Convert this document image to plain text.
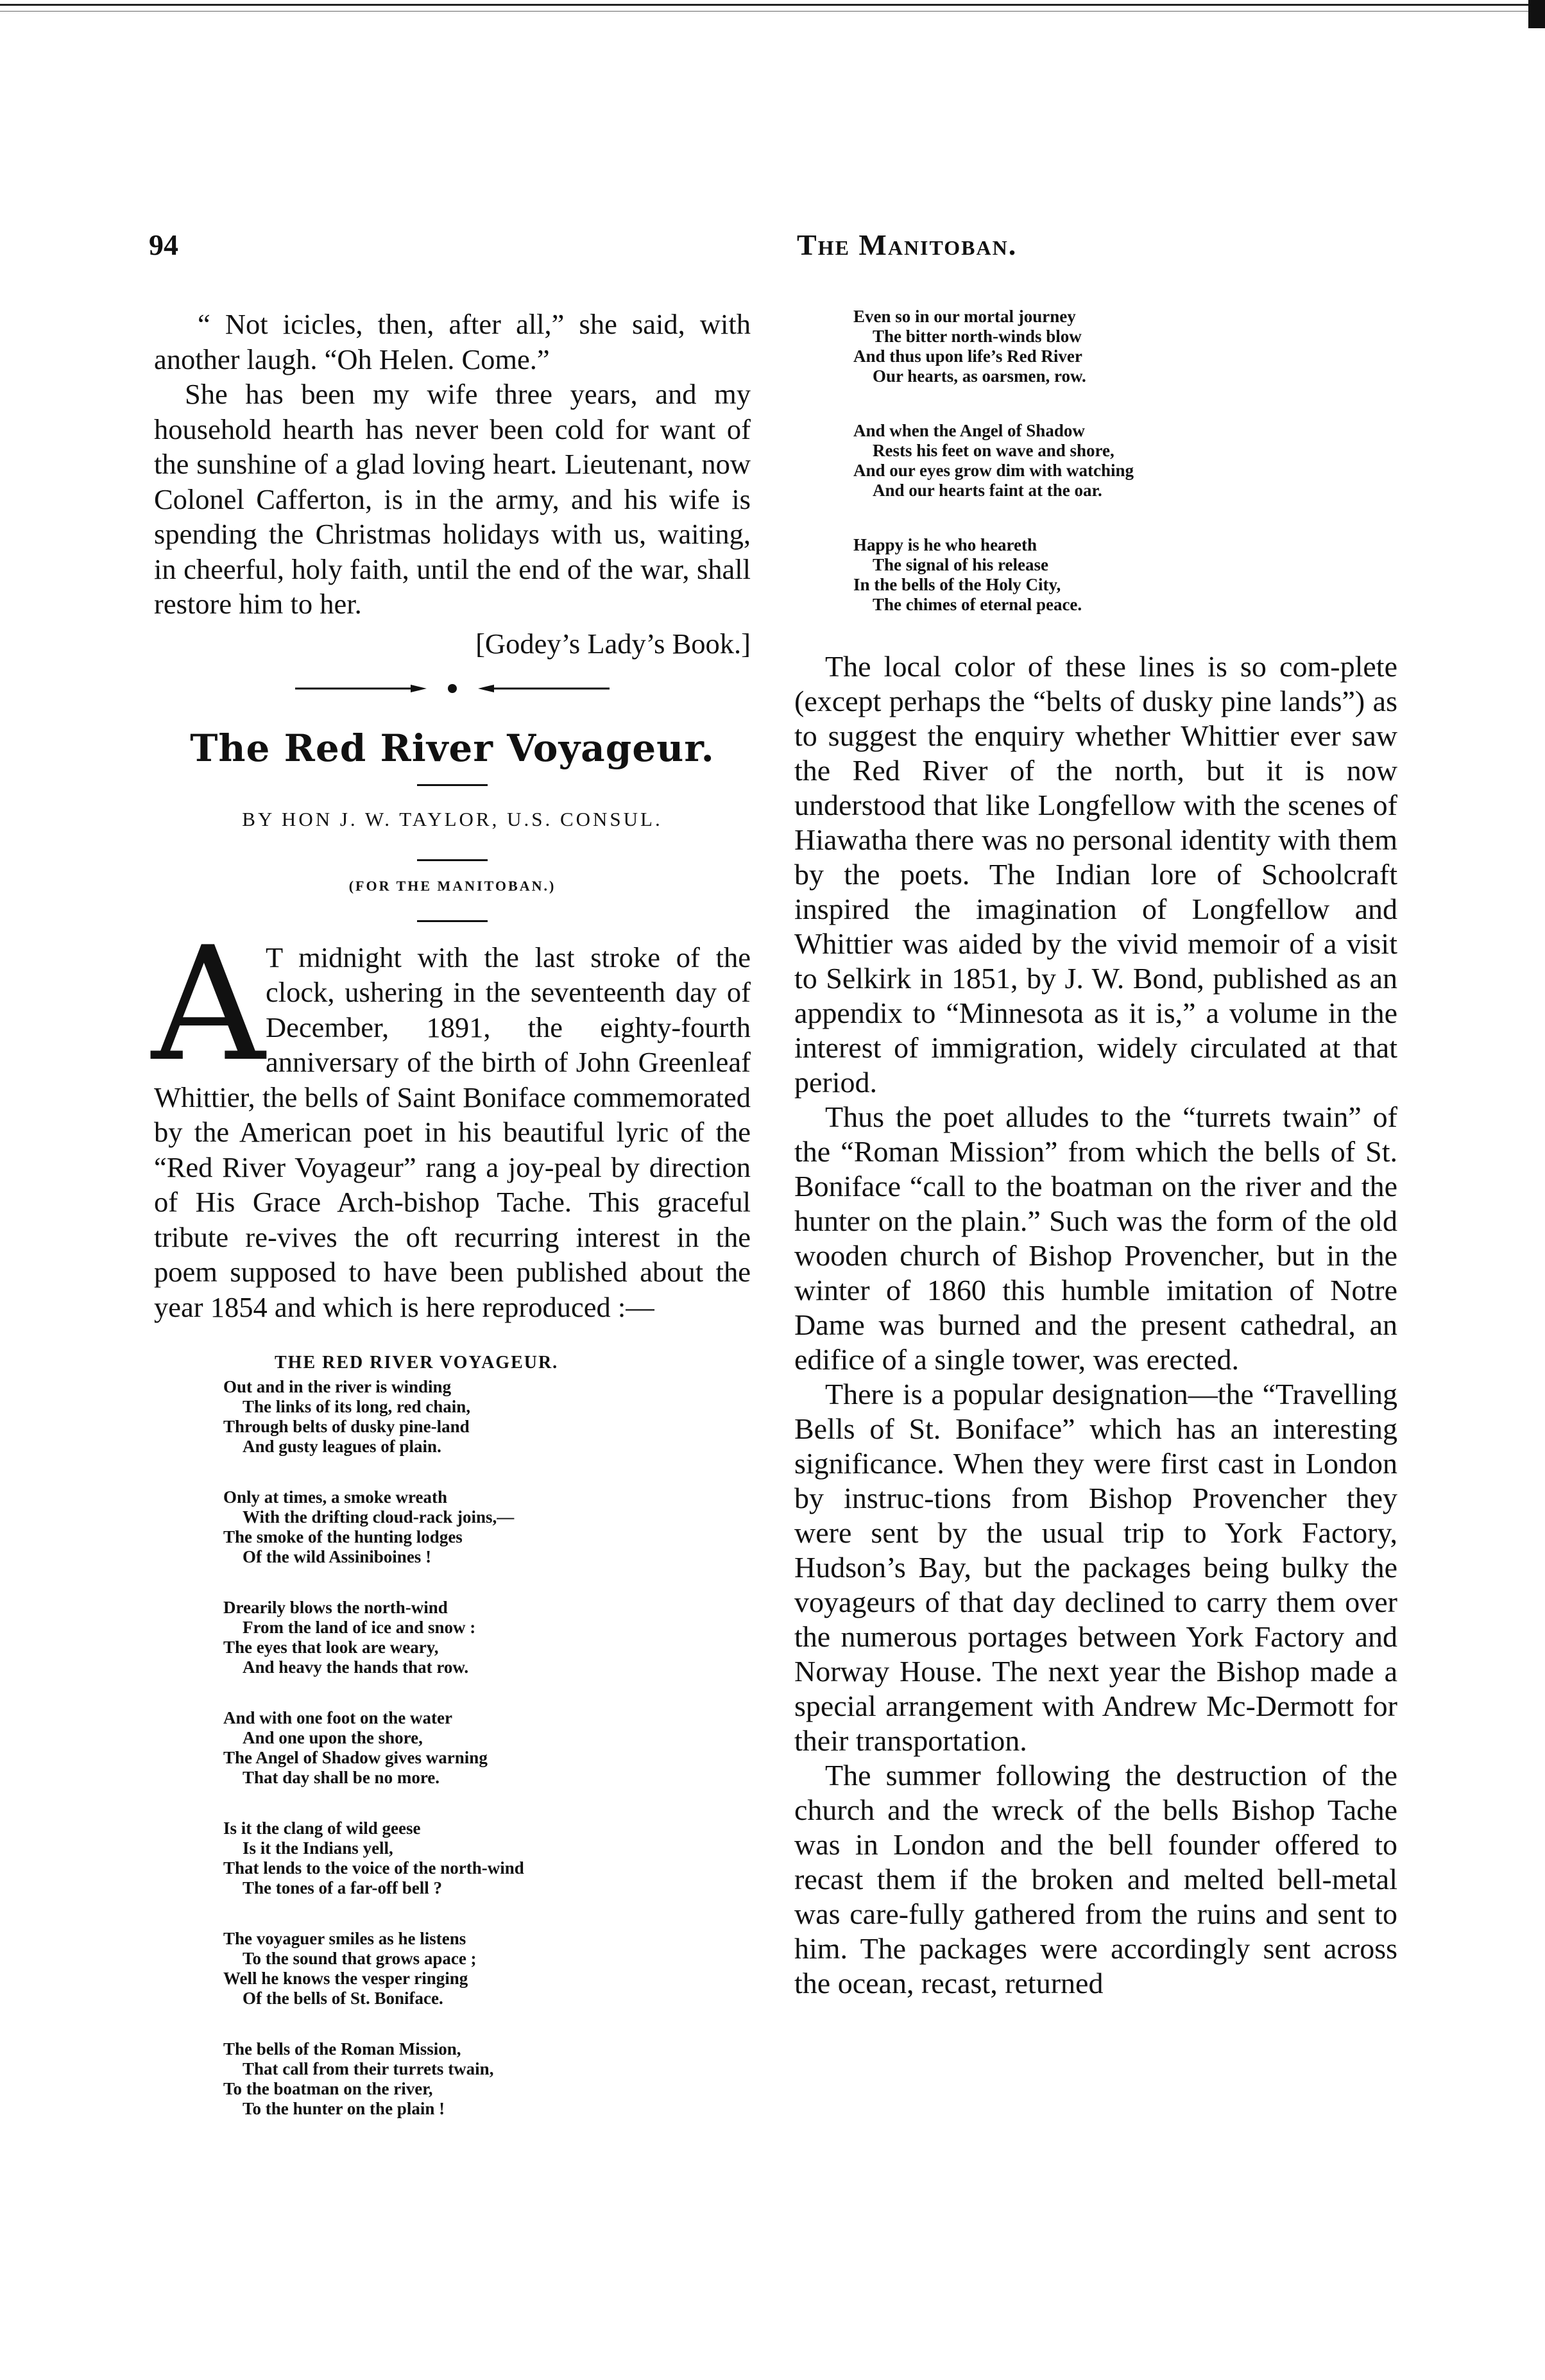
94	The Manitoban.

“ Not icicles, then, after all,” she said, with another laugh. “Oh Helen. Come.”

She has been my wife three years, and my household hearth has never been cold for want of the sunshine of a glad loving heart. Lieutenant, now Colonel Cafferton, is in the army, and his wife is spending the Christmas holidays with us, waiting, in cheerful, holy faith, until the end of the war, shall restore him to her.

[Godey’s Lady’s Book.]

The Red River Voyageur.
BY HON J. W. TAYLOR, U.S. CONSUL.
(FOR THE MANITOBAN.)

A T midnight with the last stroke of the clock, ushering in the seventeenth day of December, 1891, the eighty-fourth anniversary of the birth of John Greenleaf Whittier, the bells of Saint Boniface commemorated by the American poet in his beautiful lyric of the “Red River Voyageur” rang a joy-peal by direction of His Grace Arch-bishop Tache. This graceful tribute re-vives the oft recurring interest in the poem supposed to have been published about the year 1854 and which is here reproduced :—

THE RED RIVER VOYAGEUR.
Out and in the river is winding
The links of its long, red chain,
Through belts of dusky pine-land
And gusty leagues of plain.
Only at times, a smoke wreath
With the drifting cloud-rack joins,—
The smoke of the hunting lodges
Of the wild Assiniboines !
Drearily blows the north-wind
From the land of ice and snow :
The eyes that look are weary,
And heavy the hands that row.
And with one foot on the water
And one upon the shore,
The Angel of Shadow gives warning
That day shall be no more.
Is it the clang of wild geese
Is it the Indians yell,
That lends to the voice of the north-wind
The tones of a far-off bell ?
The voyaguer smiles as he listens
To the sound that grows apace ;
Well he knows the vesper ringing
Of the bells of St. Boniface.
The bells of the Roman Mission,
That call from their turrets twain,
To the boatman on the river,
To the hunter on the plain !
Even so in our mortal journey
The bitter north-winds blow
And thus upon life’s Red River
Our hearts, as oarsmen, row.
And when the Angel of Shadow
Rests his feet on wave and shore,
And our eyes grow dim with watching
And our hearts faint at the oar.
Happy is he who heareth
The signal of his release
In the bells of the Holy City,
The chimes of eternal peace.

The local color of these lines is so com-plete (except perhaps the “belts of dusky pine lands”) as to suggest the enquiry whether Whittier ever saw the Red River of the north, but it is now understood that like Longfellow with the scenes of Hiawatha there was no personal identity with them by the poets. The Indian lore of Schoolcraft inspired the imagination of Longfellow and Whittier was aided by the vivid memoir of a visit to Selkirk in 1851, by J. W. Bond, published as an appendix to “Minnesota as it is,” a volume in the interest of immigration, widely circulated at that period.

Thus the poet alludes to the “turrets twain” of the “Roman Mission” from which the bells of St. Boniface “call to the boatman on the river and the hunter on the plain.” Such was the form of the old wooden church of Bishop Provencher, but in the winter of 1860 this humble imitation of Notre Dame was burned and the present cathedral, an edifice of a single tower, was erected.

There is a popular designation—the “Travelling Bells of St. Boniface” which has an interesting significance. When they were first cast in London by instruc-tions from Bishop Provencher they were sent by the usual trip to York Factory, Hudson’s Bay, but the packages being bulky the voyageurs of that day declined to carry them over the numerous portages between York Factory and Norway House. The next year the Bishop made a special arrangement with Andrew Mc-Dermott for their transportation.

The summer following the destruction of the church and the wreck of the bells Bishop Tache was in London and the bell founder offered to recast them if the broken and melted bell-metal was care-fully gathered from the ruins and sent to him. The packages were accordingly sent across the ocean, recast, returned
